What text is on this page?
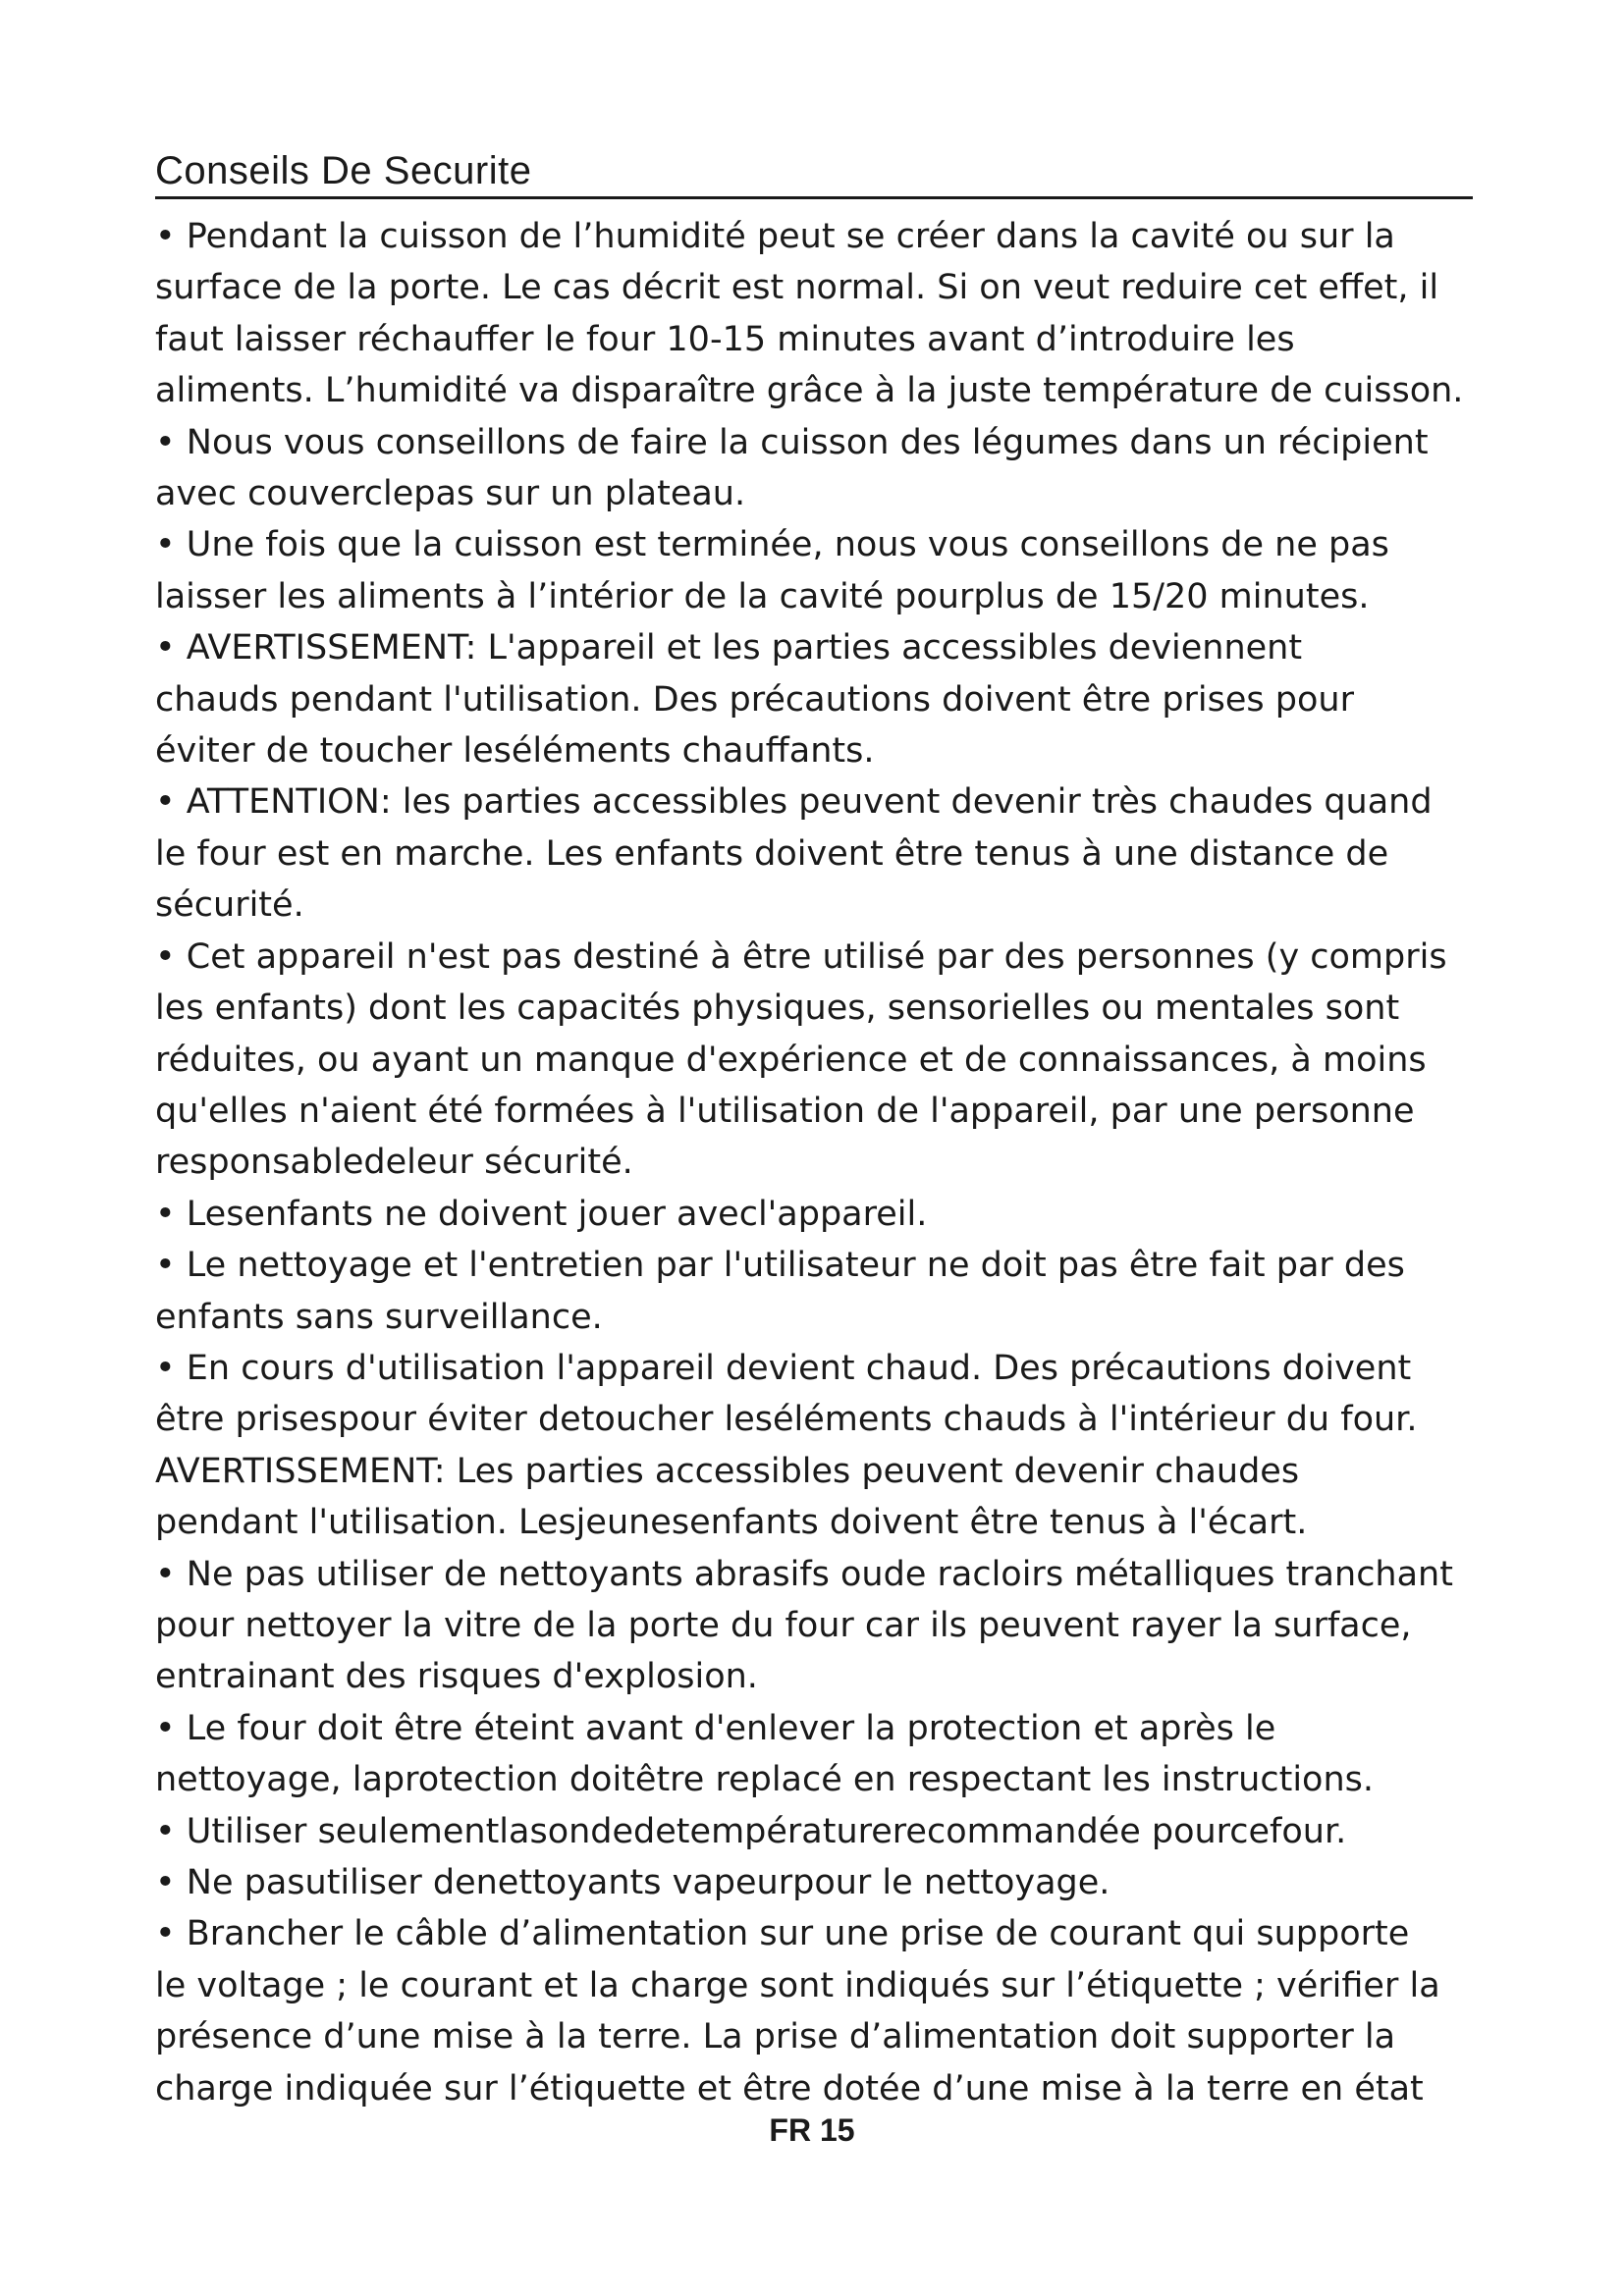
Conseils De Securite
• Pendant la cuisson de l’humidité peut se créer dans la cavité ou sur la
surface de la porte. Le cas décrit est normal. Si on veut reduire cet effet, il
faut laisser réchauffer le four 10-15 minutes avant d’introduire les
aliments. L’humidité va disparaître grâce à la juste température de cuisson.
• Nous vous conseillons de faire la cuisson des légumes dans un récipient
avec couverclepas sur un plateau.
• Une fois que la cuisson est terminée, nous vous conseillons de ne pas
laisser les aliments à l’intérior de la cavité pourplus de 15/20 minutes.
• AVERTISSEMENT: L'appareil et les parties accessibles deviennent
chauds pendant l'utilisation. Des précautions doivent être prises pour
éviter de toucher leséléments chauffants.
• ATTENTION: les parties accessibles peuvent devenir très chaudes quand
le four est en marche. Les enfants doivent être tenus à une distance de
sécurité.
• Cet appareil n'est pas destiné à être utilisé par des personnes (y compris
les enfants) dont les capacités physiques, sensorielles ou mentales sont
réduites, ou ayant un manque d'expérience et de connaissances, à moins
qu'elles n'aient été formées à l'utilisation de l'appareil, par une personne
responsabledeleur sécurité.
• Lesenfants ne doivent jouer avecl'appareil.
• Le nettoyage et l'entretien par l'utilisateur ne doit pas être fait par des
enfants sans surveillance.
• En cours d'utilisation l'appareil devient chaud. Des précautions doivent
être prisespour éviter detoucher leséléments chauds à l'intérieur du four.
AVERTISSEMENT: Les parties accessibles peuvent devenir chaudes
pendant l'utilisation. Lesjeunesenfants doivent être tenus à l'écart.
• Ne pas utiliser de nettoyants abrasifs oude racloirs métalliques tranchant
pour nettoyer la vitre de la porte du four car ils peuvent rayer la surface,
entrainant des risques d'explosion.
• Le four doit être éteint avant d'enlever la protection et après le
nettoyage, laprotection doitêtre replacé en respectant les instructions.
• Utiliser seulementlasondedetempératurerecommandée pourcefour.
• Ne pasutiliser denettoyants vapeurpour le nettoyage.
• Brancher le câble d’alimentation sur une prise de courant qui supporte
le voltage ; le courant et la charge sont indiqués sur l’étiquette ; vérifier la
présence d’une mise à la terre. La prise d’alimentation doit supporter la
charge indiquée sur l’étiquette et être dotée d’une mise à la terre en état
FR 15
